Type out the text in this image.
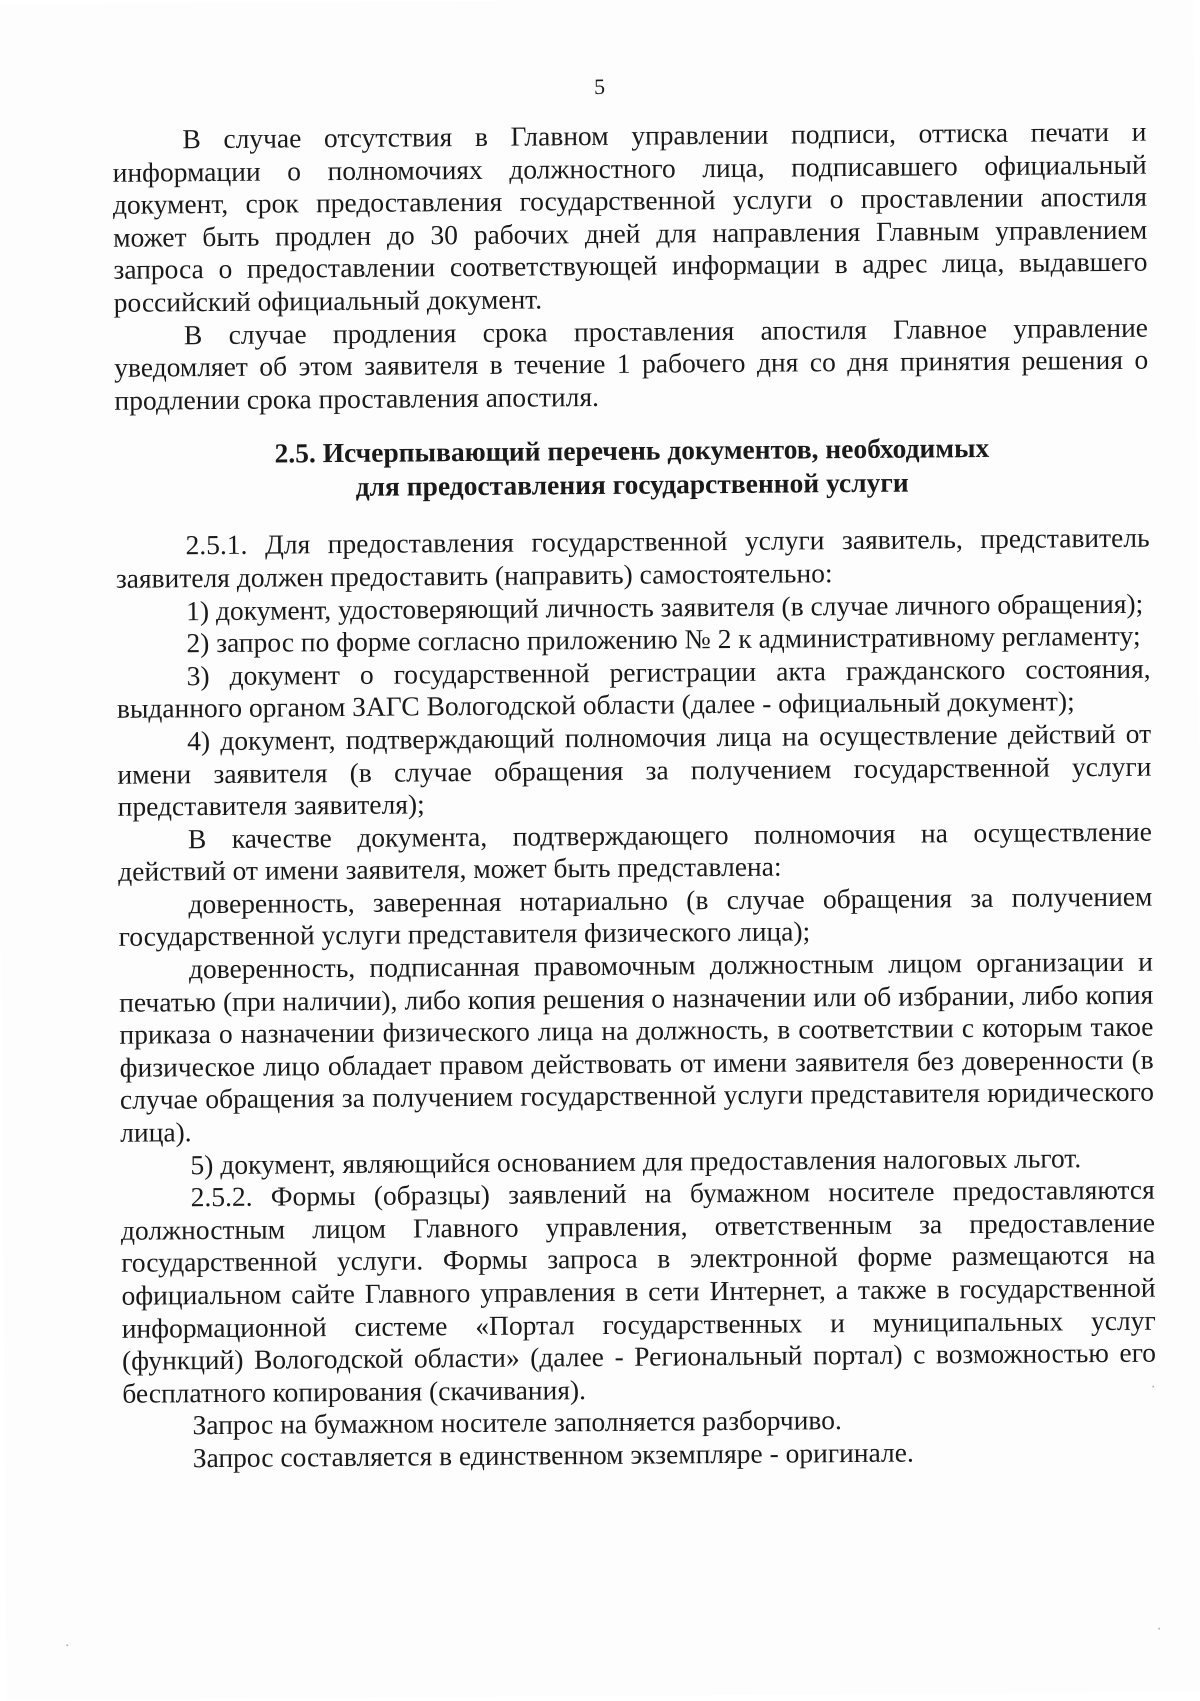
5

В случае отсутствия в Главном управлении подписи, оттиска печати и информации о полномочиях должностного лица, подписавшего официальный документ, срок предоставления государственной услуги о проставлении апостиля может быть продлен до 30 рабочих дней для направления Главным управлением запроса о предоставлении соответствующей информации в адрес лица, выдавшего российский официальный документ.

В случае продления срока проставления апостиля Главное управление уведомляет об этом заявителя в течение 1 рабочего дня со дня принятия решения о продлении срока проставления апостиля.

2.5. Исчерпывающий перечень документов, необходимых
для предоставления государственной услуги

2.5.1. Для предоставления государственной услуги заявитель, представитель заявителя должен предоставить (направить) самостоятельно:

1) документ, удостоверяющий личность заявителя (в случае личного обращения);

2) запрос по форме согласно приложению № 2 к административному регламенту;

3) документ о государственной регистрации акта гражданского состояния, выданного органом ЗАГС Вологодской области (далее - официальный документ);

4) документ, подтверждающий полномочия лица на осуществление действий от имени заявителя (в случае обращения за получением государственной услуги представителя заявителя);

В качестве документа, подтверждающего полномочия на осуществление действий от имени заявителя, может быть представлена:

доверенность, заверенная нотариально (в случае обращения за получением государственной услуги представителя физического лица);

доверенность, подписанная правомочным должностным лицом организации и печатью (при наличии), либо копия решения о назначении или об избрании, либо копия приказа о назначении физического лица на должность, в соответствии с которым такое физическое лицо обладает правом действовать от имени заявителя без доверенности (в случае обращения за получением государственной услуги представителя юридического лица).

5) документ, являющийся основанием для предоставления налоговых льгот.

2.5.2. Формы (образцы) заявлений на бумажном носителе предоставляются должностным лицом Главного управления, ответственным за предоставление государственной услуги. Формы запроса в электронной форме размещаются на официальном сайте Главного управления в сети Интернет, а также в государственной информационной системе «Портал государственных и муниципальных услуг (функций) Вологодской области» (далее - Региональный портал) с возможностью его бесплатного копирования (скачивания).

Запрос на бумажном носителе заполняется разборчиво.

Запрос составляется в единственном экземпляре - оригинале.
